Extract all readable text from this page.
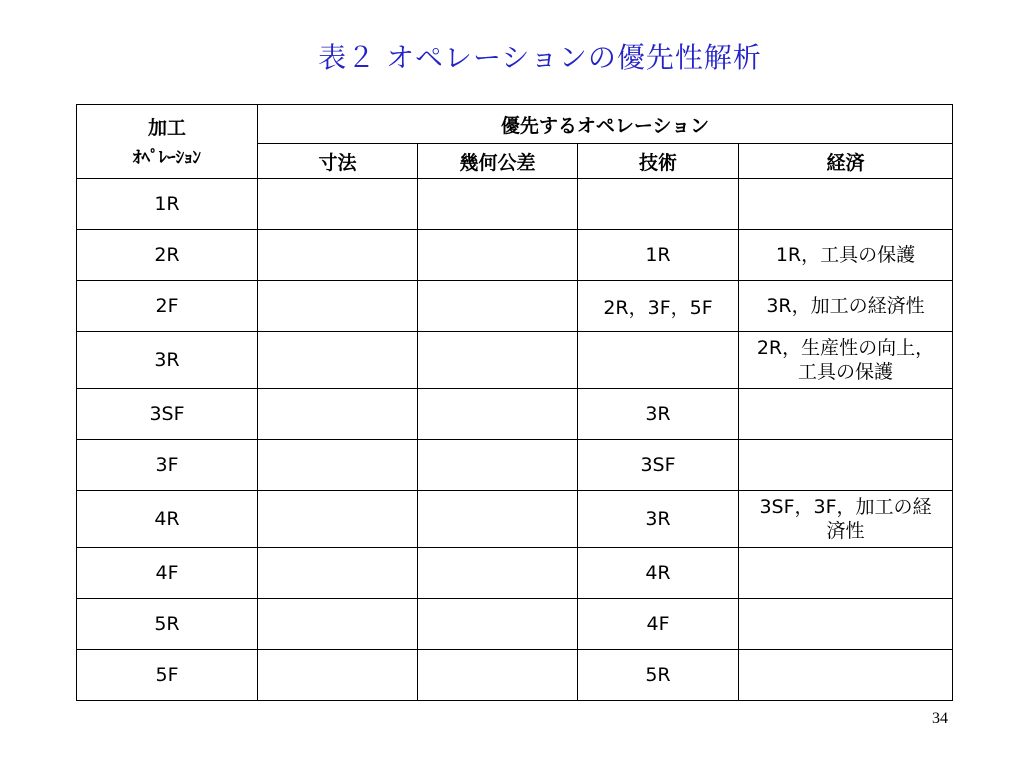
表２ オペレーションの優先性解析
加工
ｵﾍﾟﾚｰｼｮﾝ	優先するオペレーション			
	寸法	幾何公差	技術	経済
1R				
2R			1R	1R，工具の保護
2F			2R，3F，5F	3R，加工の経済性
3R				2R，生産性の向上，
工具の保護
3SF			3R	
3F			3SF	
4R			3R	3SF，3F，加工の経
済性
4F			4R	
5R			4F	
5F			5R	
34
